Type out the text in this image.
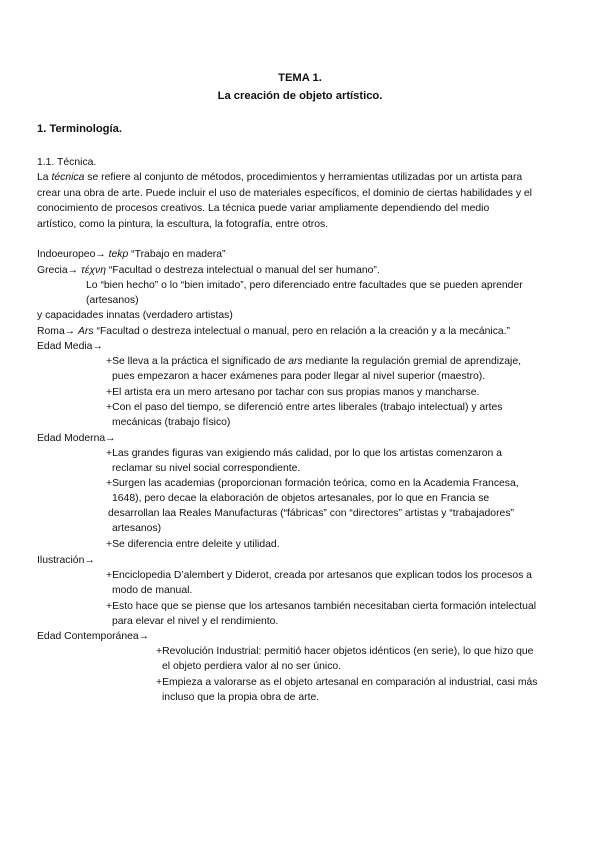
TEMA 1.
La creación de objeto artístico.
1. Terminología.
1.1. Técnica.
La técnica se refiere al conjunto de métodos, procedimientos y herramientas utilizadas por un artista para
crear una obra de arte. Puede incluir el uso de materiales específicos, el dominio de ciertas habilidades y el
conocimiento de procesos creativos. La técnica puede variar ampliamente dependiendo del medio
artístico, como la pintura, la escultura, la fotografía, entre otros.
Indoeuropeo→ tekp “Trabajo en madera”
Grecia→ τέχνη “Facultad o destreza intelectual o manual del ser humano”.
Lo “bien hecho” o lo “bien imitado”, pero diferenciado entre facultades que se pueden aprender
(artesanos)
y capacidades innatas (verdadero artistas)
Roma→ Ars “Facultad o destreza intelectual o manual, pero en relación a la creación y a la mecánica.”
Edad Media→
+Se lleva a la práctica el significado de ars mediante la regulación gremial de aprendizaje,
pues empezaron a hacer exámenes para poder llegar al nivel superior (maestro).
+El artista era un mero artesano por tachar con sus propias manos y mancharse.
+Con el paso del tiempo, se diferenció entre artes liberales (trabajo intelectual) y artes
mecánicas (trabajo físico)
Edad Moderna→
+Las grandes figuras van exigiendo más calidad, por lo que los artistas comenzaron a
reclamar su nivel social correspondiente.
+Surgen las academias (proporcionan formación teórica, como en la Academia Francesa,
1648), pero decae la elaboración de objetos artesanales, por lo que en Francia se
desarrollan laa Reales Manufacturas (“fábricas” con “directores” artistas y “trabajadores”
artesanos)
+Se diferencia entre deleite y utilidad.
Ilustración→
+Enciclopedia D’alembert y Diderot, creada por artesanos que explican todos los procesos a
modo de manual.
+Esto hace que se piense que los artesanos también necesitaban cierta formación intelectual
para elevar el nivel y el rendimiento.
Edad Contemporánea→
+Revolución Industrial: permitió hacer objetos idénticos (en serie), lo que hizo que
el objeto perdiera valor al no ser único.
+Empieza a valorarse as el objeto artesanal en comparación al industrial, casi más
incluso que la propia obra de arte.
